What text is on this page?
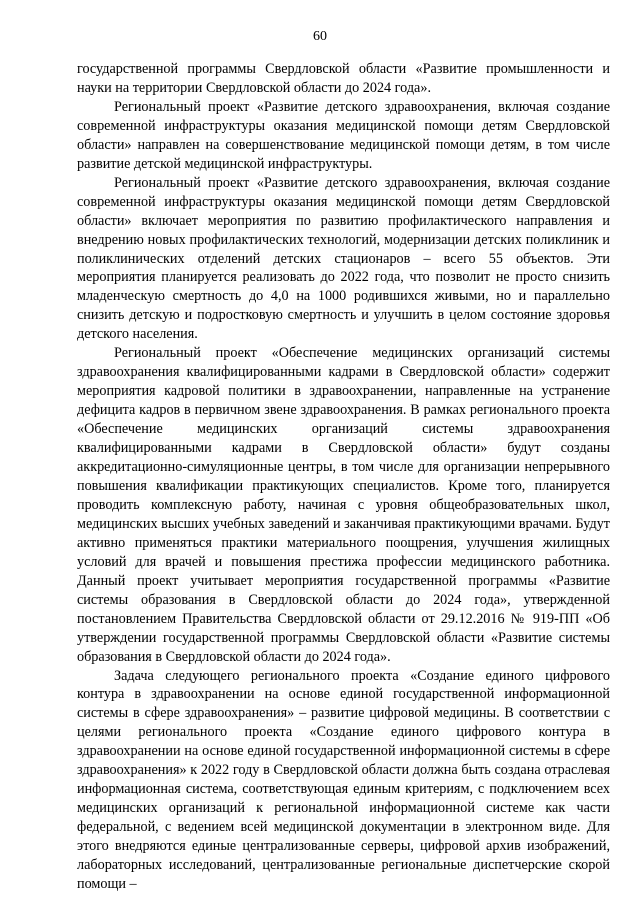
60

государственной программы Свердловской области «Развитие промышленности и науки на территории Свердловской области до 2024 года».

Региональный проект «Развитие детского здравоохранения, включая создание современной инфраструктуры оказания медицинской помощи детям Свердловской области» направлен на совершенствование медицинской помощи детям, в том числе развитие детской медицинской инфраструктуры.

Региональный проект «Развитие детского здравоохранения, включая создание современной инфраструктуры оказания медицинской помощи детям Свердловской области» включает мероприятия по развитию профилактического направления и внедрению новых профилактических технологий, модернизации детских поликлиник и поликлинических отделений детских стационаров – всего 55 объектов. Эти мероприятия планируется реализовать до 2022 года, что позволит не просто снизить младенческую смертность до 4,0 на 1000 родившихся живыми, но и параллельно снизить детскую и подростковую смертность и улучшить в целом состояние здоровья детского населения.

Региональный проект «Обеспечение медицинских организаций системы здравоохранения квалифицированными кадрами в Свердловской области» содержит мероприятия кадровой политики в здравоохранении, направленные на устранение дефицита кадров в первичном звене здравоохранения. В рамках регионального проекта «Обеспечение медицинских организаций системы здравоохранения квалифицированными кадрами в Свердловской области» будут созданы аккредитационно-симуляционные центры, в том числе для организации непрерывного повышения квалификации практикующих специалистов. Кроме того, планируется проводить комплексную работу, начиная с уровня общеобразовательных школ, медицинских высших учебных заведений и заканчивая практикующими врачами. Будут активно применяться практики материального поощрения, улучшения жилищных условий для врачей и повышения престижа профессии медицинского работника. Данный проект учитывает мероприятия государственной программы «Развитие системы образования в Свердловской области до 2024 года», утвержденной постановлением Правительства Свердловской области от 29.12.2016 № 919-ПП «Об утверждении государственной программы Свердловской области «Развитие системы образования в Свердловской области до 2024 года».

Задача следующего регионального проекта «Создание единого цифрового контура в здравоохранении на основе единой государственной информационной системы в сфере здравоохранения» – развитие цифровой медицины. В соответствии с целями регионального проекта «Создание единого цифрового контура в здравоохранении на основе единой государственной информационной системы в сфере здравоохранения» к 2022 году в Свердловской области должна быть создана отраслевая информационная система, соответствующая единым критериям, с подключением всех медицинских организаций к региональной информационной системе как части федеральной, с ведением всей медицинской документации в электронном виде. Для этого внедряются единые централизованные серверы, цифровой архив изображений, лабораторных исследований, централизованные региональные диспетчерские скорой помощи –
